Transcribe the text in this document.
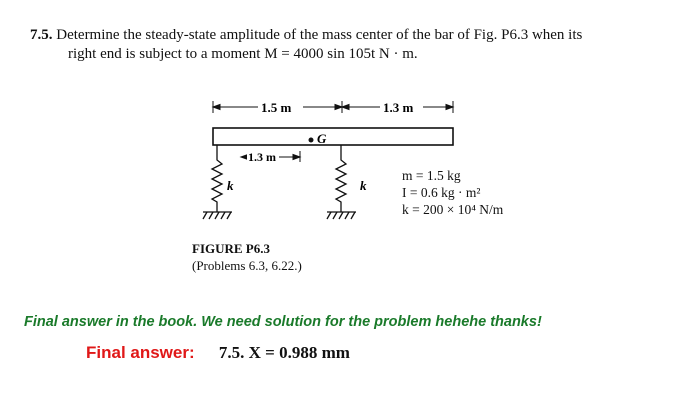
7.5. Determine the steady-state amplitude of the mass center of the bar of Fig. P6.3 when its
right end is subject to a moment M = 4000 sin 105t N · m.
1.5 m	1.3 m
G
1.3 m
k	k
m = 1.5 kg
I = 0.6 kg · m²
k = 200 × 10⁴ N/m
FIGURE P6.3
(Problems 6.3, 6.22.)
Final answer in the book. We need solution for the problem hehehe thanks!
Final answer: 7.5. X = 0.988 mm
